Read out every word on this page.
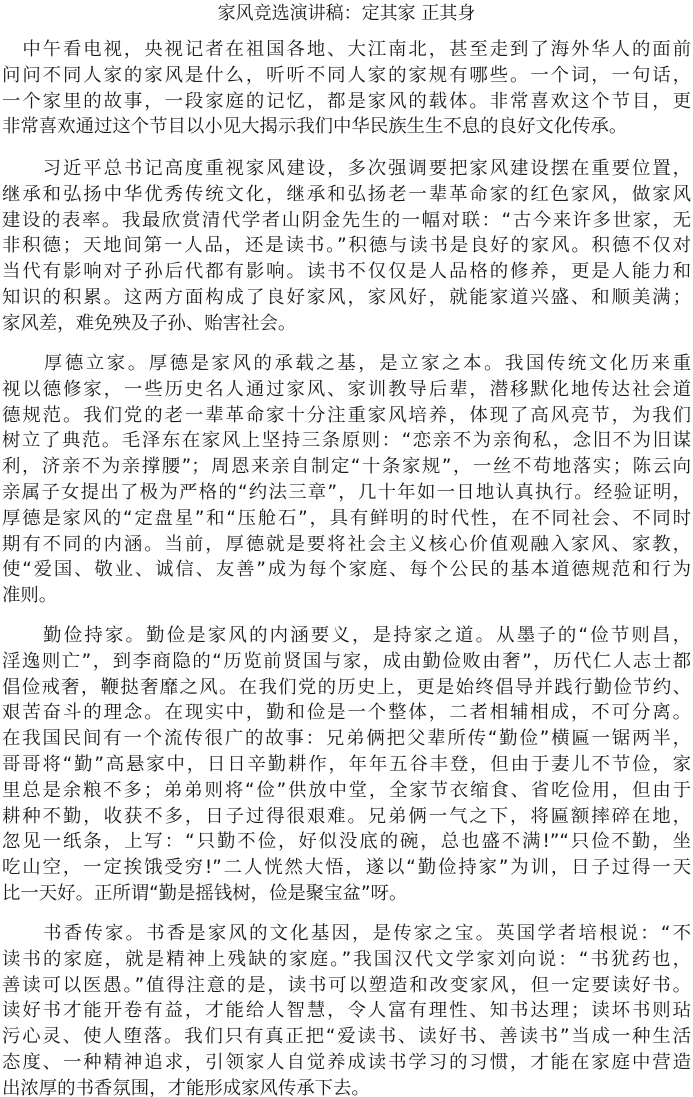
家风竞选演讲稿：定其家 正其身
　中午看电视，央视记者在祖国各地、大江南北，甚至走到了海外华人的面前
问问不同人家的家风是什么，听听不同人家的家规有哪些。一个词，一句话，
一个家里的故事，一段家庭的记忆，都是家风的载体。非常喜欢这个节目，更
非常喜欢通过这个节目以小见大揭示我们中华民族生生不息的良好文化传承。
　　习近平总书记高度重视家风建设，多次强调要把家风建设摆在重要位置，
继承和弘扬中华优秀传统文化，继承和弘扬老一辈革命家的红色家风，做家风
建设的表率。我最欣赏清代学者山阴金先生的一幅对联：“古今来许多世家，无
非积德；天地间第一人品，还是读书。”积德与读书是良好的家风。积德不仅对
当代有影响对子孙后代都有影响。读书不仅仅是人品格的修养，更是人能力和
知识的积累。这两方面构成了良好家风，家风好，就能家道兴盛、和顺美满；
家风差，难免殃及子孙、贻害社会。
　　厚德立家。厚德是家风的承载之基，是立家之本。我国传统文化历来重
视以德修家，一些历史名人通过家风、家训教导后辈，潜移默化地传达社会道
德规范。我们党的老一辈革命家十分注重家风培养，体现了高风亮节，为我们
树立了典范。毛泽东在家风上坚持三条原则：“恋亲不为亲徇私，念旧不为旧谋
利，济亲不为亲撑腰”；周恩来亲自制定“十条家规”，一丝不苟地落实；陈云向
亲属子女提出了极为严格的“约法三章”，几十年如一日地认真执行。经验证明，
厚德是家风的“定盘星”和“压舱石”，具有鲜明的时代性，在不同社会、不同时
期有不同的内涵。当前，厚德就是要将社会主义核心价值观融入家风、家教，
使“爱国、敬业、诚信、友善”成为每个家庭、每个公民的基本道德规范和行为
准则。
　　勤俭持家。勤俭是家风的内涵要义，是持家之道。从墨子的“俭节则昌，
淫逸则亡”，到李商隐的“历览前贤国与家，成由勤俭败由奢”，历代仁人志士都
倡俭戒奢，鞭挞奢靡之风。在我们党的历史上，更是始终倡导并践行勤俭节约、
艰苦奋斗的理念。在现实中，勤和俭是一个整体，二者相辅相成，不可分离。
在我国民间有一个流传很广的故事：兄弟俩把父辈所传“勤俭”横匾一锯两半，
哥哥将“勤”高悬家中，日日辛勤耕作，年年五谷丰登，但由于妻儿不节俭，家
里总是余粮不多；弟弟则将“俭”供放中堂，全家节衣缩食、省吃俭用，但由于
耕种不勤，收获不多，日子过得很艰难。兄弟俩一气之下，将匾额摔碎在地，
忽见一纸条，上写：“只勤不俭，好似没底的碗，总也盛不满!”“只俭不勤，坐
吃山空，一定挨饿受穷!”二人恍然大悟，遂以“勤俭持家”为训，日子过得一天
比一天好。正所谓“勤是摇钱树，俭是聚宝盆”呀。
　　书香传家。书香是家风的文化基因，是传家之宝。英国学者培根说：“不
读书的家庭，就是精神上残缺的家庭。”我国汉代文学家刘向说：“书犹药也，
善读可以医愚。”值得注意的是，读书可以塑造和改变家风，但一定要读好书。
读好书才能开卷有益，才能给人智慧，令人富有理性、知书达理；读坏书则玷
污心灵、使人堕落。我们只有真正把“爱读书、读好书、善读书”当成一种生活
态度、一种精神追求，引领家人自觉养成读书学习的习惯，才能在家庭中营造
出浓厚的书香氛围，才能形成家风传承下去。
